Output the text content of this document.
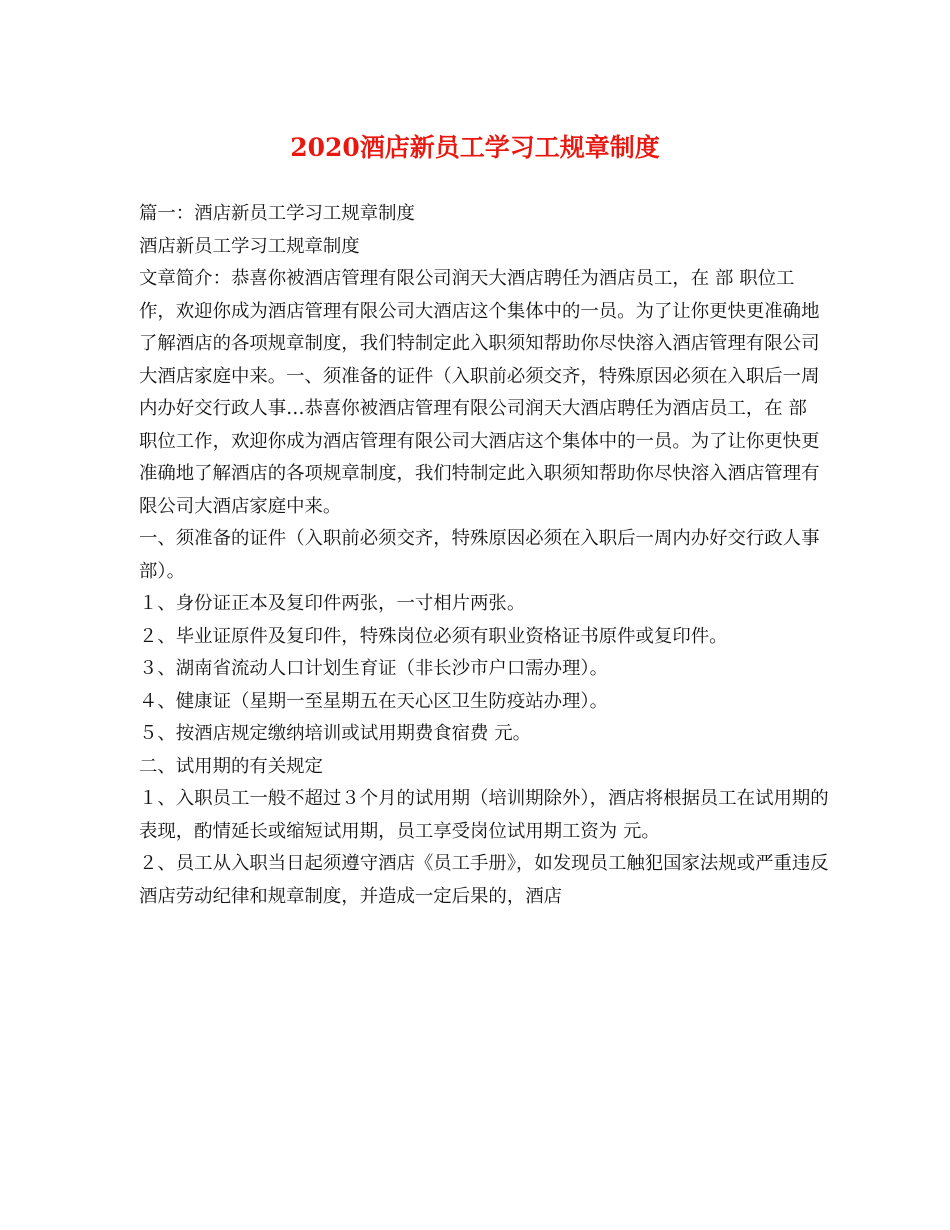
2020酒店新员工学习工规章制度

篇一：酒店新员工学习工规章制度

酒店新员工学习工规章制度

文章简介：恭喜你被酒店管理有限公司润天大酒店聘任为酒店员工，在 部 职位工作，欢迎你成为酒店管理有限公司大酒店这个集体中的一员。为了让你更快更准确地了解酒店的各项规章制度，我们特制定此入职须知帮助你尽快溶入酒店管理有限公司大酒店家庭中来。一、须准备的证件（入职前必须交齐，特殊原因必须在入职后一周内办好交行政人事…恭喜你被酒店管理有限公司润天大酒店聘任为酒店员工，在 部 职位工作，欢迎你成为酒店管理有限公司大酒店这个集体中的一员。为了让你更快更准确地了解酒店的各项规章制度，我们特制定此入职须知帮助你尽快溶入酒店管理有限公司大酒店家庭中来。

一、须准备的证件（入职前必须交齐，特殊原因必须在入职后一周内办好交行政人事部）。

１、身份证正本及复印件两张，一寸相片两张。

２、毕业证原件及复印件，特殊岗位必须有职业资格证书原件或复印件。

３、湖南省流动人口计划生育证（非长沙市户口需办理）。

４、健康证（星期一至星期五在天心区卫生防疫站办理）。

５、按酒店规定缴纳培训或试用期费食宿费 元。

二、试用期的有关规定

１、入职员工一般不超过３个月的试用期（培训期除外），酒店将根据员工在试用期的表现，酌情延长或缩短试用期，员工享受岗位试用期工资为 元。

２、员工从入职当日起须遵守酒店《员工手册》，如发现员工触犯国家法规或严重违反酒店劳动纪律和规章制度，并造成一定后果的，酒店
